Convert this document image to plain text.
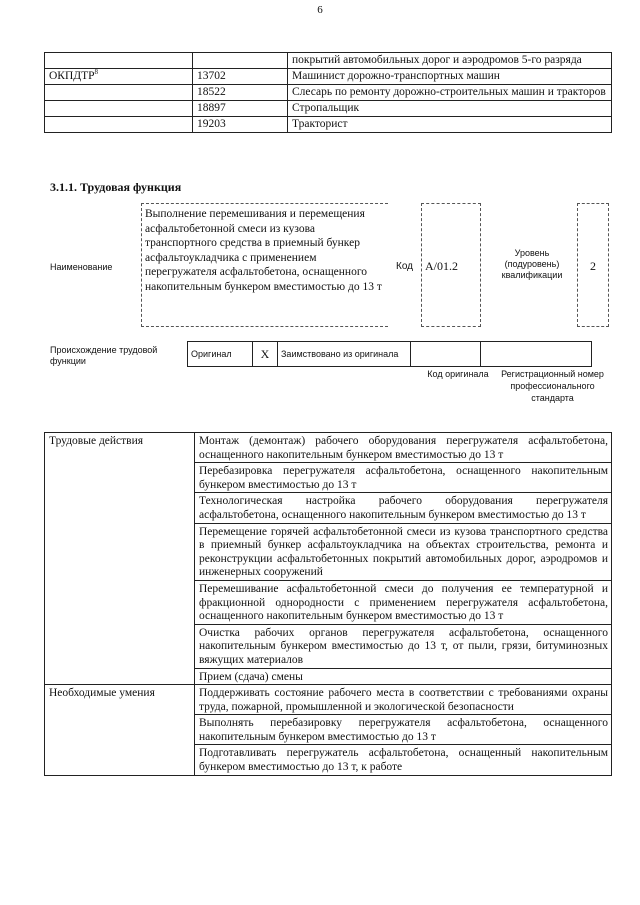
6
		покрытий автомобильных дорог и аэродромов 5-го разряда
ОКПДТР$^8$	13702	Машинист дорожно-транспортных машин
	18522	Слесарь по ремонту дорожно-строительных машин и тракторов
	18897	Стропальщик
	19203	Тракторист
3.1.1. Трудовая функция
Наименование
Выполнение перемешивания и перемещения асфальтобетонной смеси из кузова транспортного средства в приемный бункер асфальтоукладчика с применением перегружателя асфальтобетона, оснащенного накопительным бункером вместимостью до 13 т
Код А/01.2
Уровень (подуровень) квалификации
2
Происхождение трудовой функции
Оригинал	X	Заимствовано из оригинала		
Код оригинала	Регистрационный номер профессионального стандарта
Трудовые действия	Монтаж (демонтаж) рабочего оборудования перегружателя асфальтобетона, оснащенного накопительным бункером вместимостью до 13 т
	Перебазировка перегружателя асфальтобетона, оснащенного накопительным бункером вместимостью до 13 т
	Технологическая настройка рабочего оборудования перегружателя асфальтобетона, оснащенного накопительным бункером вместимостью до 13 т
	Перемещение горячей асфальтобетонной смеси из кузова транспортного средства в приемный бункер асфальтоукладчика на объектах строительства, ремонта и реконструкции асфальтобетонных покрытий автомобильных дорог, аэродромов и инженерных сооружений
	Перемешивание асфальтобетонной смеси до получения ее температурной и фракционной однородности с применением перегружателя асфальтобетона, оснащенного накопительным бункером вместимостью до 13 т
	Очистка рабочих органов перегружателя асфальтобетона, оснащенного накопительным бункером вместимостью до 13 т, от пыли, грязи, битуминозных вяжущих материалов
	Прием (сдача) смены
Необходимые умения	Поддерживать состояние рабочего места в соответствии с требованиями охраны труда, пожарной, промышленной и экологической безопасности
	Выполнять перебазировку перегружателя асфальтобетона, оснащенного накопительным бункером вместимостью до 13 т
	Подготавливать перегружатель асфальтобетона, оснащенный накопительным бункером вместимостью до 13 т, к работе
